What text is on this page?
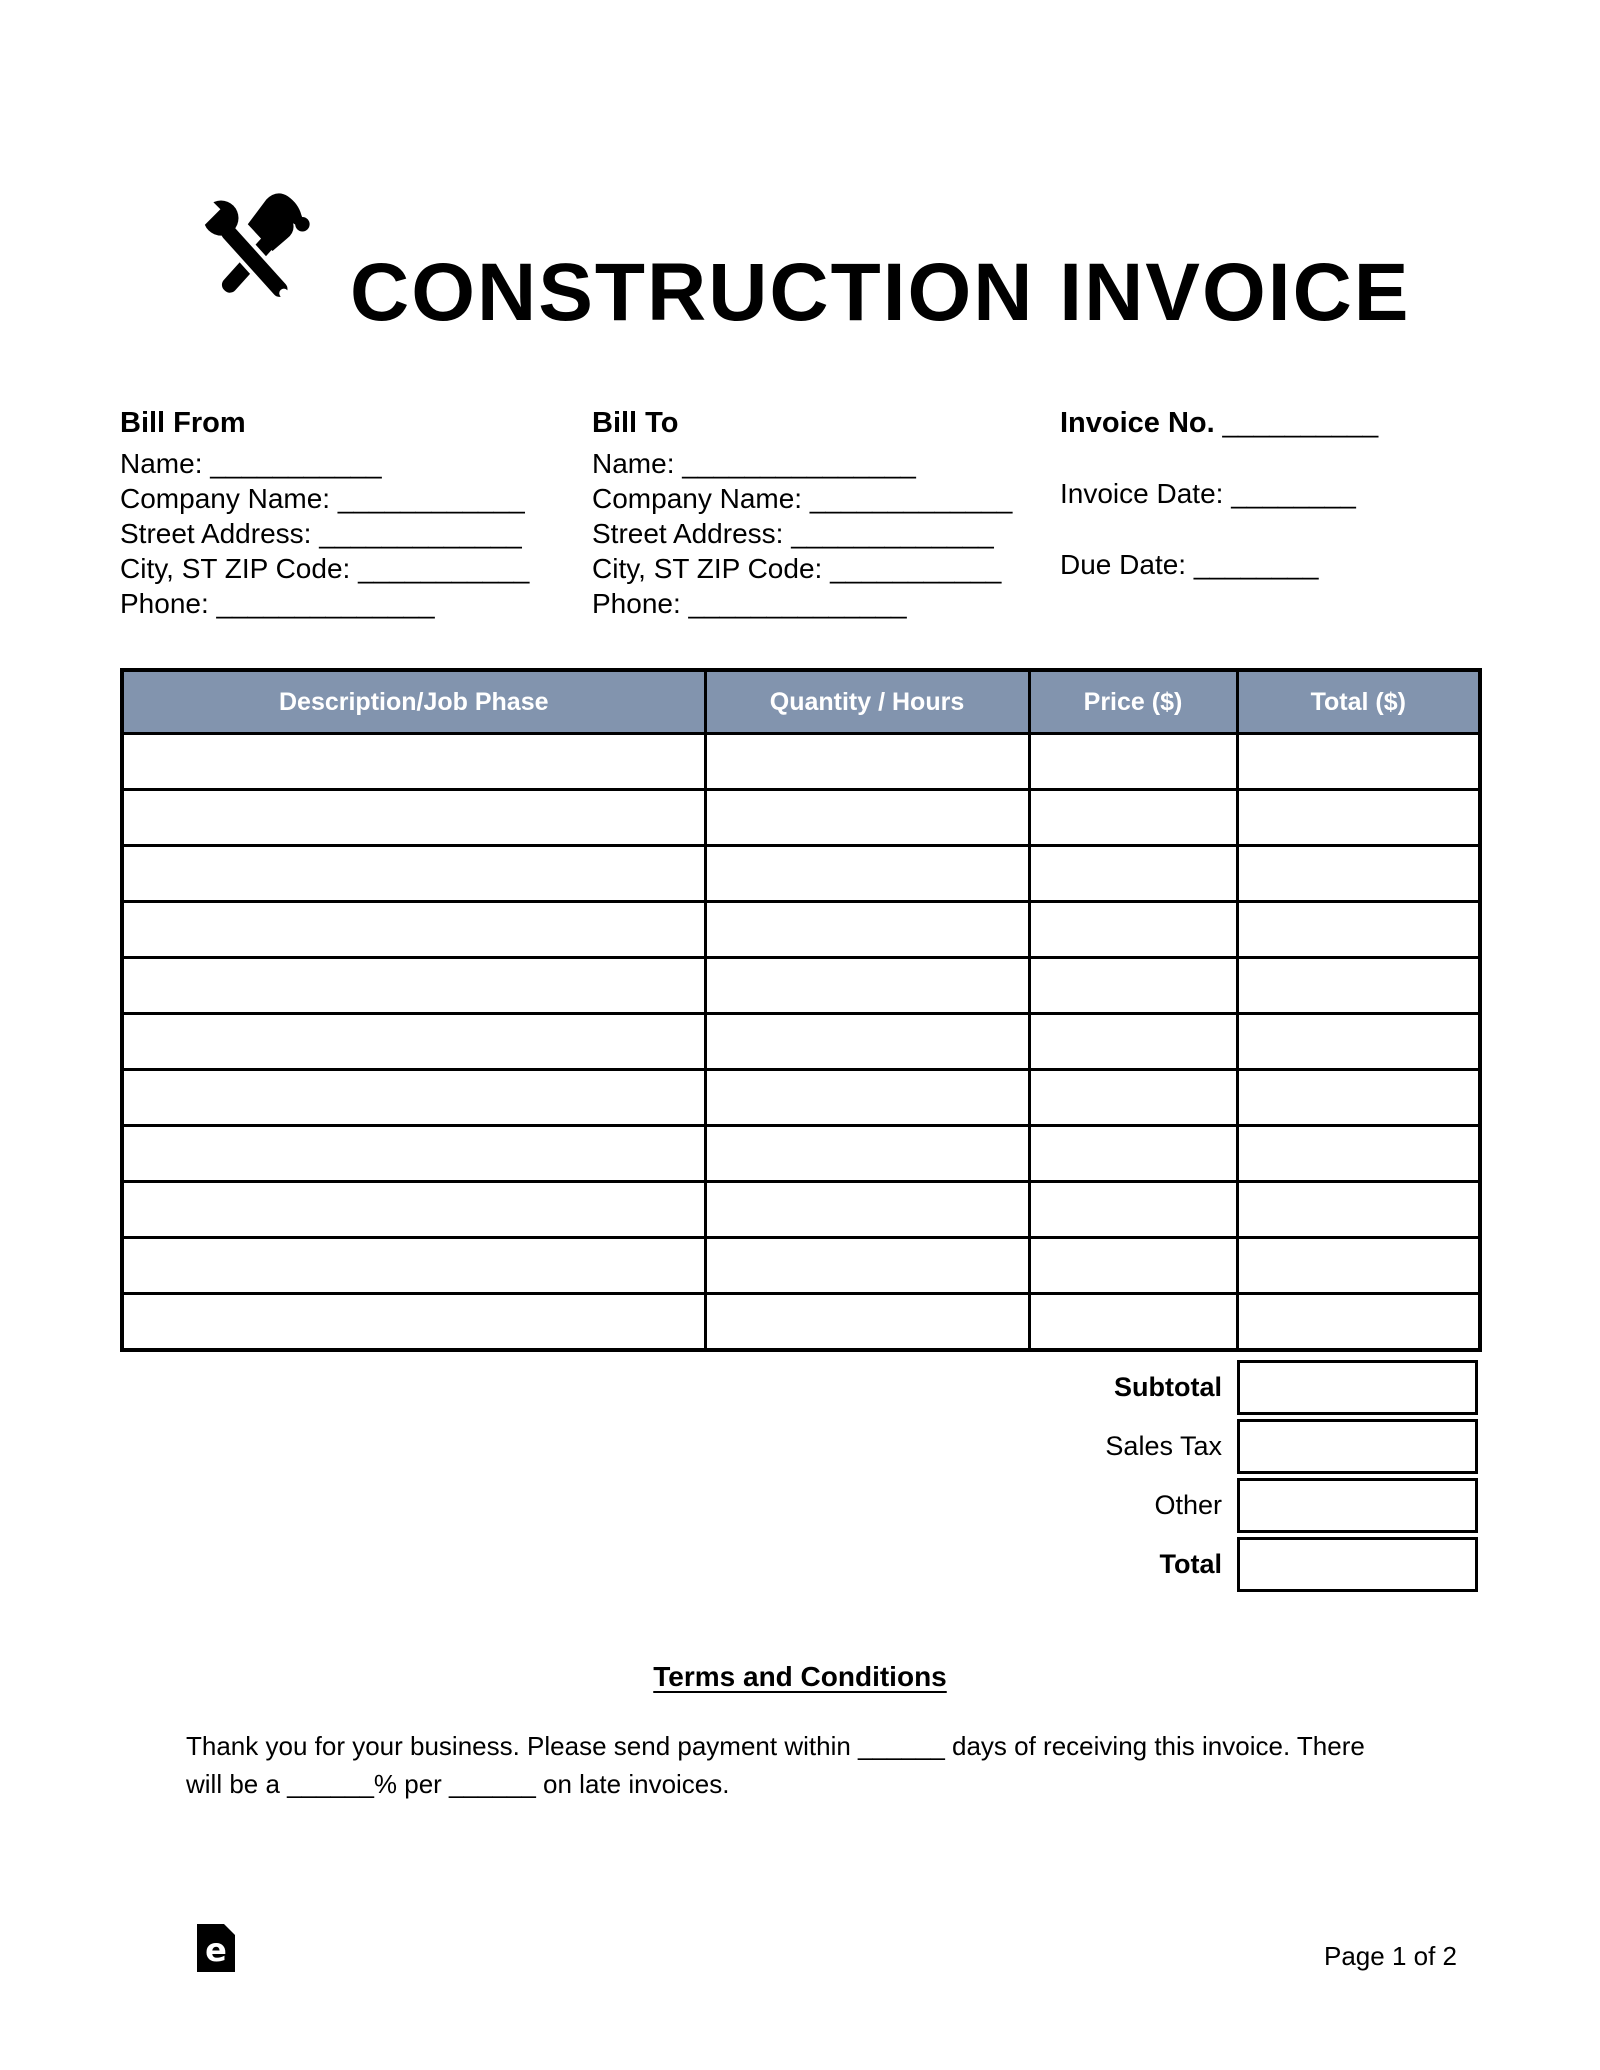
CONSTRUCTION INVOICE
Bill From
Name: ___________
Company Name: ____________
Street Address: _____________
City, ST ZIP Code: ___________
Phone: ______________
Bill To
Name: _______________
Company Name: _____________
Street Address: _____________
City, ST ZIP Code: ___________
Phone: ______________
Invoice No. __________
Invoice Date: ________
Due Date: ________
Description/Job Phase	Quantity / Hours	Price ($)	Total ($)

Subtotal
Sales Tax
Other
Total
Terms and Conditions
Thank you for your business. Please send payment within ______ days of receiving this invoice. There
will be a ______% per ______ on late invoices.
e	Page 1 of 2
